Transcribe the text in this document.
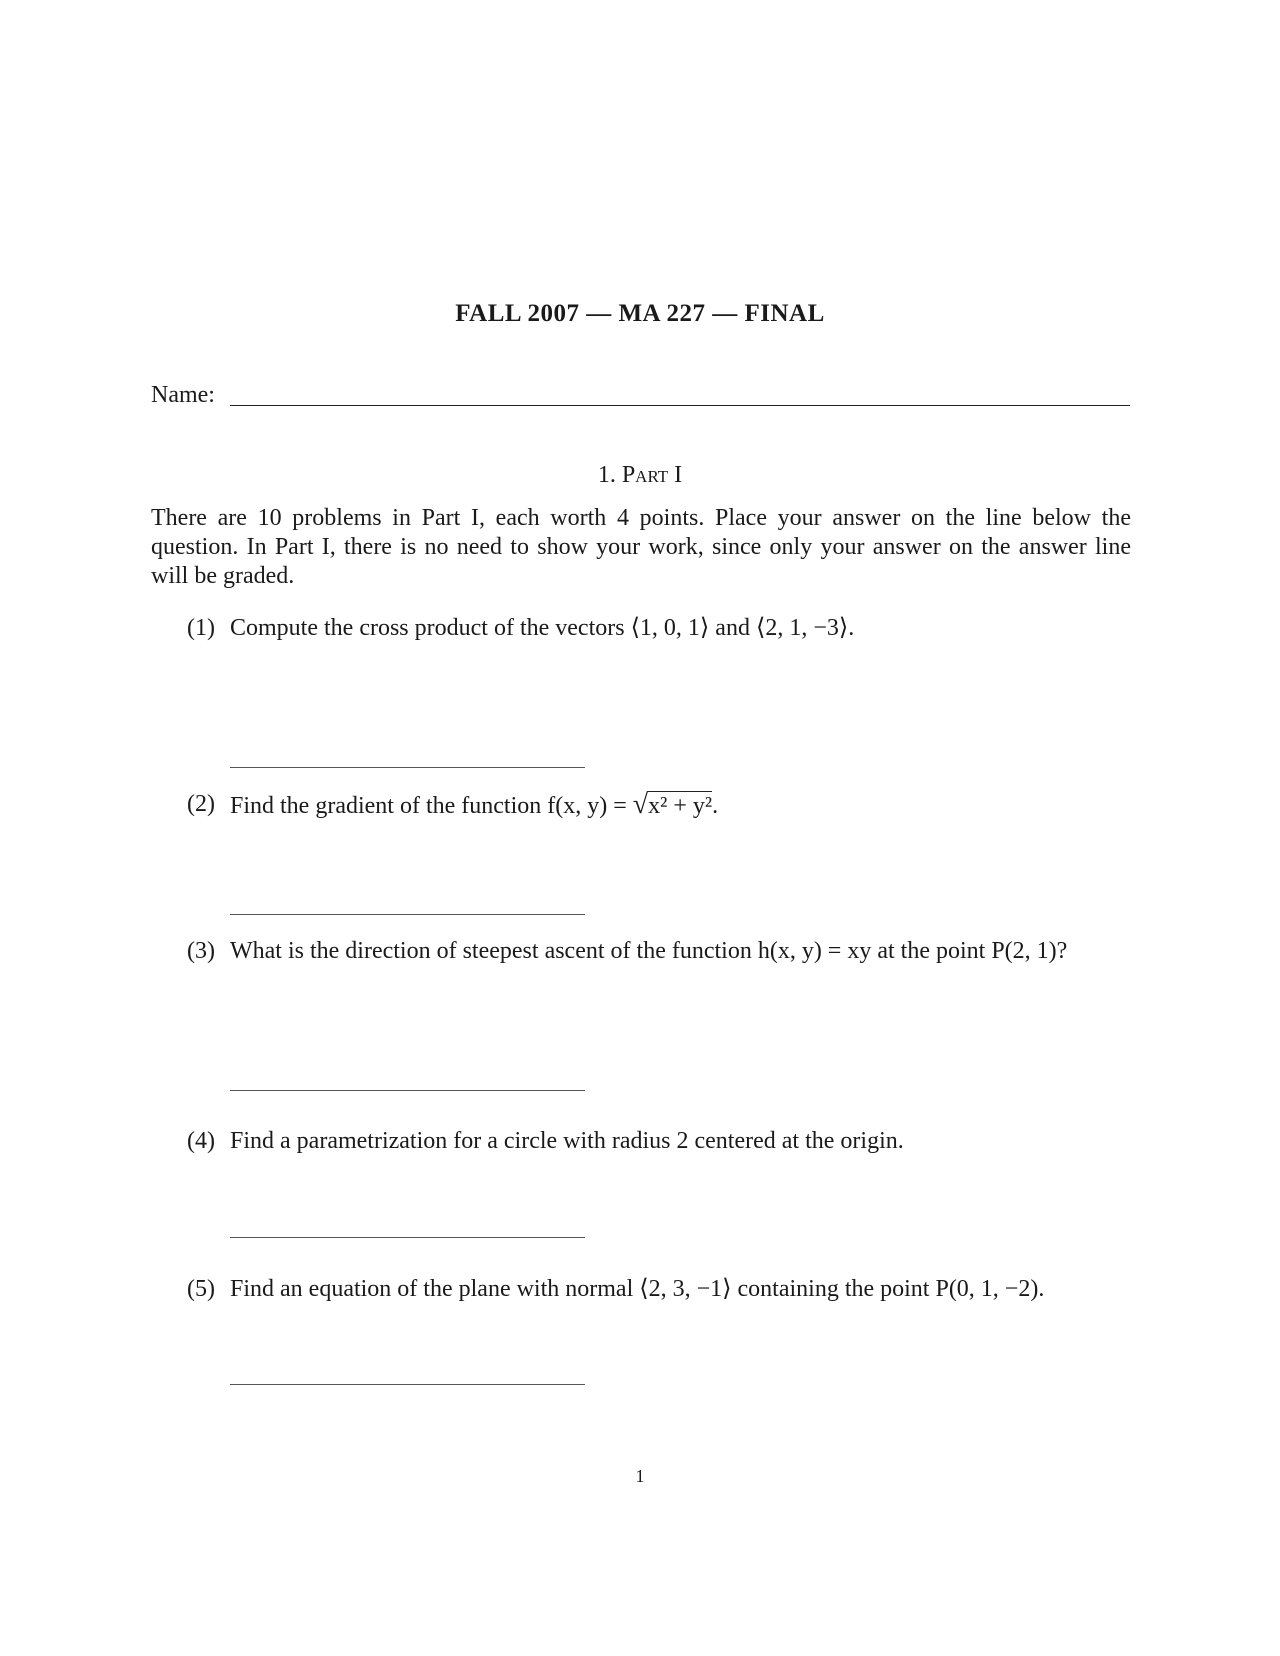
FALL 2007 — MA 227 — FINAL
Name:
1. Part I

There are 10 problems in Part I, each worth 4 points. Place your answer on the line below the question. In Part I, there is no need to show your work, since only your answer on the answer line will be graded.

(1) Compute the cross product of the vectors ⟨1, 0, 1⟩ and ⟨2, 1, −3⟩.
(2) Find the gradient of the function f(x, y) = √x² + y².
(3) What is the direction of steepest ascent of the function h(x, y) = xy at the point P(2, 1)?
(4) Find a parametrization for a circle with radius 2 centered at the origin.
(5) Find an equation of the plane with normal ⟨2, 3, −1⟩ containing the point P(0, 1, −2).
1
